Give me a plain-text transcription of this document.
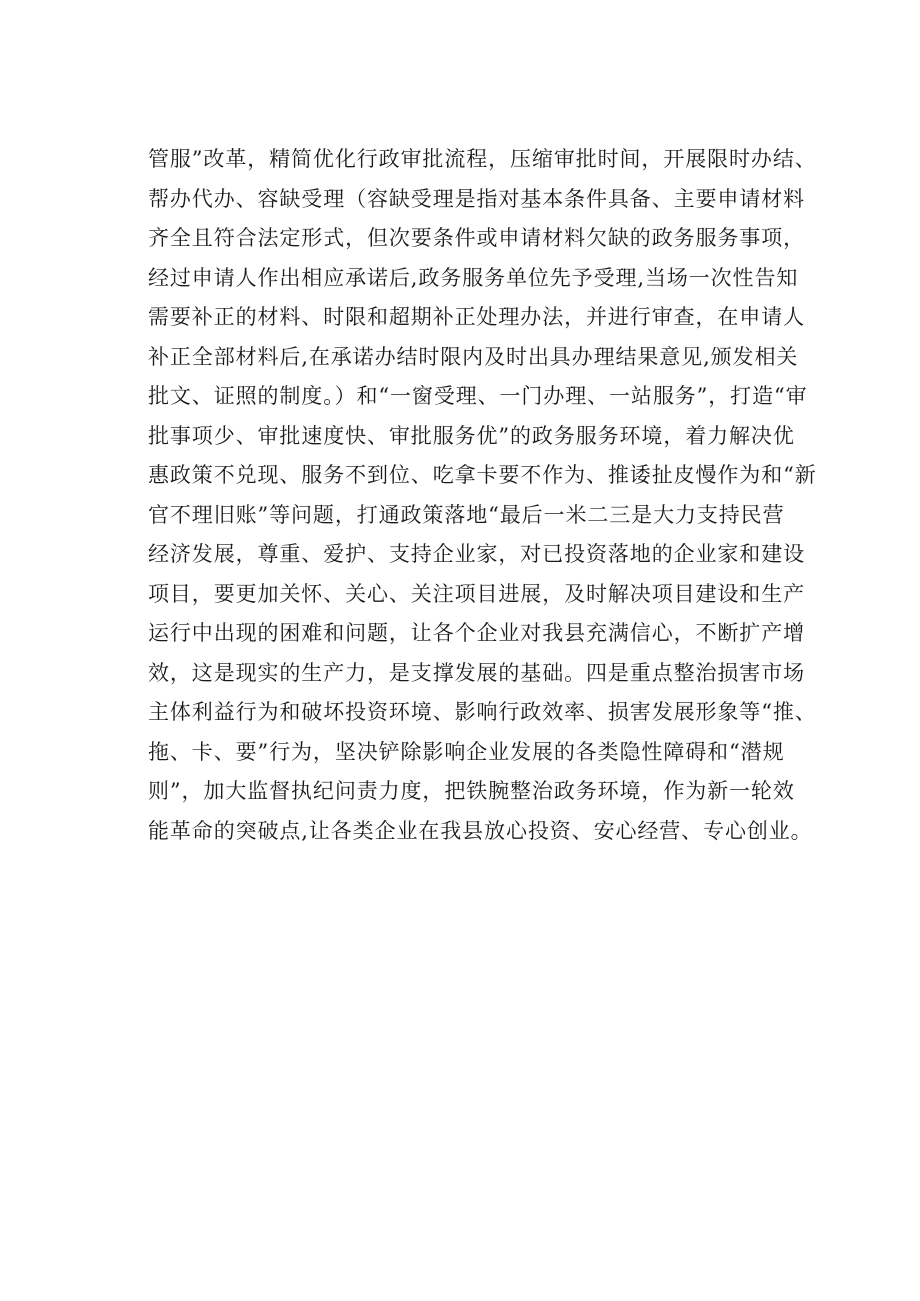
管服”改革，精简优化行政审批流程，压缩审批时间，开展限时办结、
帮办代办、容缺受理（容缺受理是指对基本条件具备、主要申请材料
齐全且符合法定形式，但次要条件或申请材料欠缺的政务服务事项，
经过申请人作出相应承诺后,政务服务单位先予受理,当场一次性告知
需要补正的材料、时限和超期补正处理办法，并进行审查，在申请人
补正全部材料后,在承诺办结时限内及时出具办理结果意见,颁发相关
批文、证照的制度。）和“一窗受理、一门办理、一站服务”，打造“审
批事项少、审批速度快、审批服务优”的政务服务环境，着力解决优
惠政策不兑现、服务不到位、吃拿卡要不作为、推诿扯皮慢作为和“新
官不理旧账”等问题，打通政策落地“最后一米二三是大力支持民营
经济发展，尊重、爱护、支持企业家，对已投资落地的企业家和建设
项目，要更加关怀、关心、关注项目进展，及时解决项目建设和生产
运行中出现的困难和问题，让各个企业对我县充满信心，不断扩产增
效，这是现实的生产力，是支撑发展的基础。四是重点整治损害市场
主体利益行为和破坏投资环境、影响行政效率、损害发展形象等“推、
拖、卡、要”行为，坚决铲除影响企业发展的各类隐性障碍和“潜规
则”，加大监督执纪问责力度，把铁腕整治政务环境，作为新一轮效
能革命的突破点,让各类企业在我县放心投资、安心经营、专心创业。
